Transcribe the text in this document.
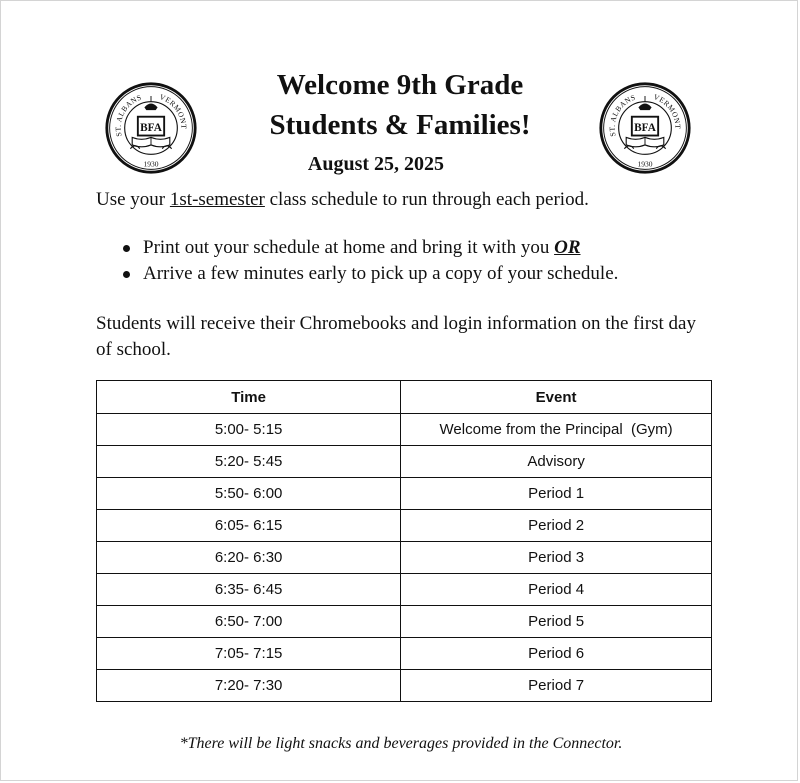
ST. ALBANS VERMONT
1930
BFA
ST. ALBANS VERMONT
1930
BFA
Welcome 9th Grade
Students & Families!
August 25, 2025
Use your 1st-semester class schedule to run through each period.
Print out your schedule at home and bring it with you OR
Arrive a few minutes early to pick up a copy of your schedule.
Students will receive their Chromebooks and login information on the first day of school.
Time	Event
5:00- 5:15	Welcome from the Principal  (Gym)
5:20- 5:45	Advisory
5:50- 6:00	Period 1
6:05- 6:15	Period 2
6:20- 6:30	Period 3
6:35- 6:45	Period 4
6:50- 7:00	Period 5
7:05- 7:15	Period 6
7:20- 7:30	Period 7
*There will be light snacks and beverages provided in the Connector.
